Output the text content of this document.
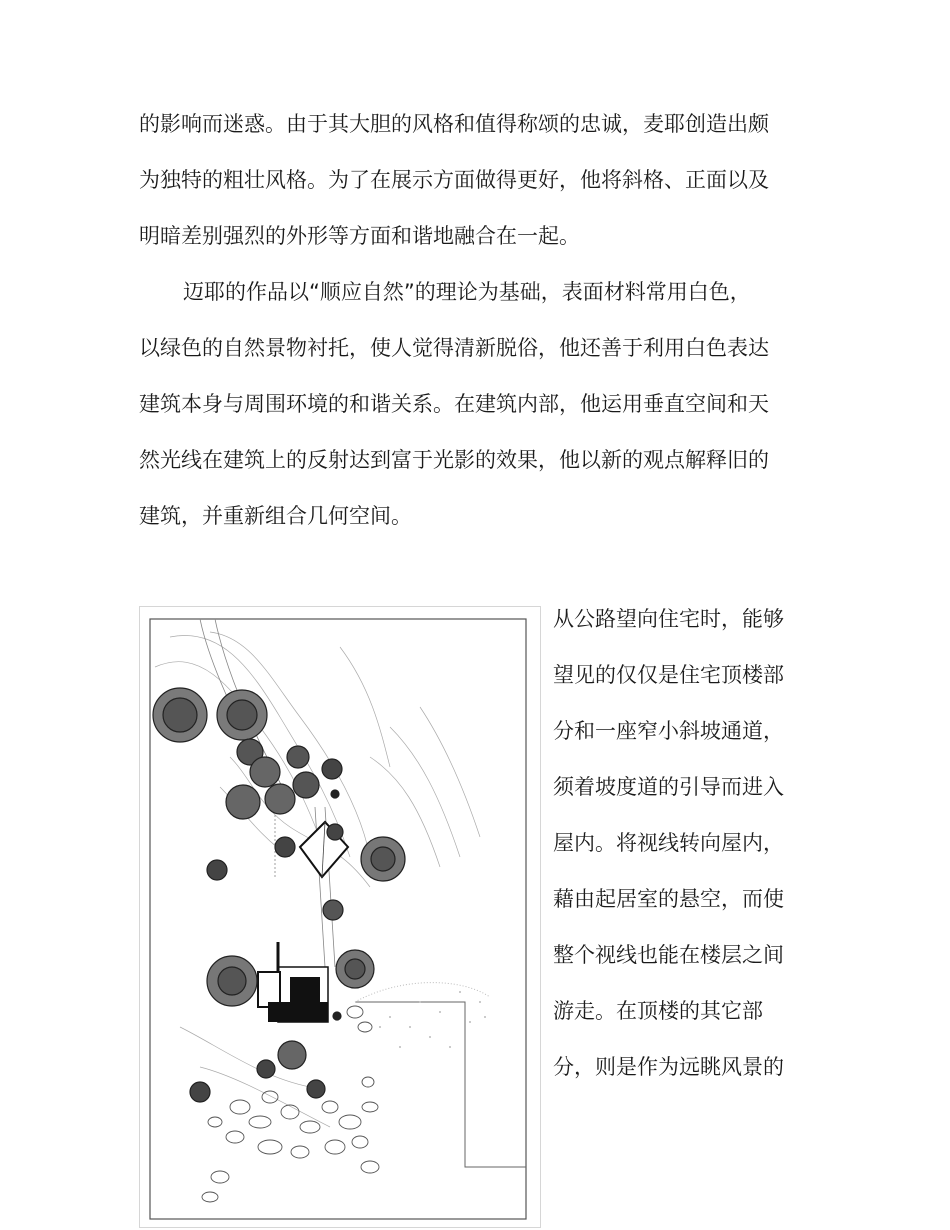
的影响而迷惑。由于其大胆的风格和值得称颂的忠诚，麦耶创造出颇
为独特的粗壮风格。为了在展示方面做得更好，他将斜格、正面以及
明暗差别强烈的外形等方面和谐地融合在一起。
迈耶的作品以“顺应自然”的理论为基础，表面材料常用白色，
以绿色的自然景物衬托，使人觉得清新脱俗，他还善于利用白色表达
建筑本身与周围环境的和谐关系。在建筑内部，他运用垂直空间和天
然光线在建筑上的反射达到富于光影的效果，他以新的观点解释旧的
建筑，并重新组合几何空间。
从公路望向住宅时，能够
望见的仅仅是住宅顶楼部
分和一座窄小斜坡通道，
须着坡度道的引导而进入
屋内。将视线转向屋内，
藉由起居室的悬空，而使
整个视线也能在楼层之间
游走。在顶楼的其它部
分，则是作为远眺风景的
